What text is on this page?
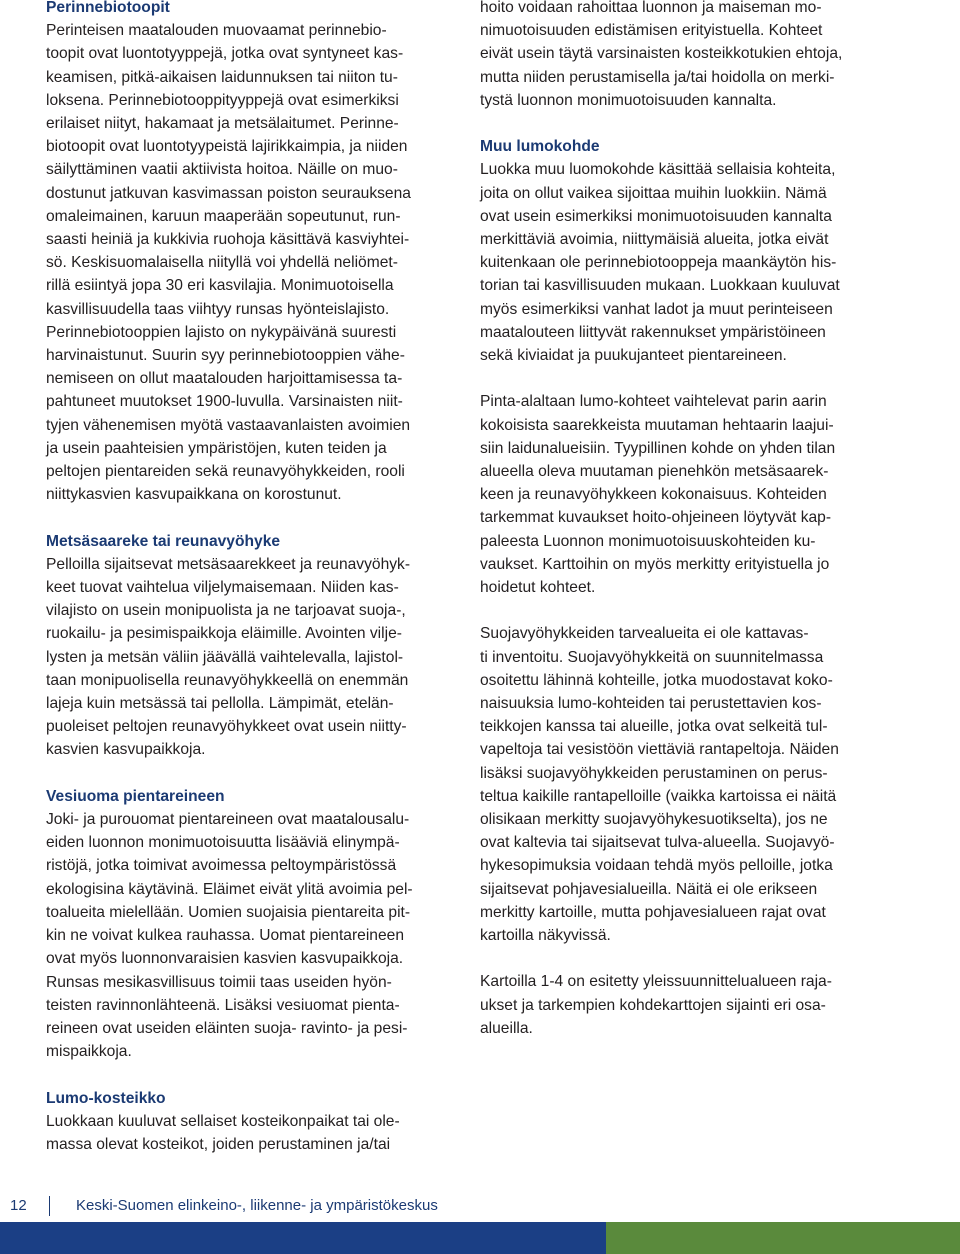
Perinnebiotoopit

Perinteisen maatalouden muovaamat perinnebio-

toopit ovat luontotyyppejä, jotka ovat syntyneet kas-

keamisen, pitkä-aikaisen laidunnuksen tai niiton tu-

loksena. Perinnebiotooppityyppejä ovat esimerkiksi

erilaiset niityt, hakamaat ja metsälaitumet. Perinne-

biotoopit ovat luontotyypeistä lajirikkaimpia, ja niiden

säilyttäminen vaatii aktiivista hoitoa. Näille on muo-

dostunut jatkuvan kasvimassan poiston seurauksena

omaleimainen, karuun maaperään sopeutunut, run-

saasti heiniä ja kukkivia ruohoja käsittävä kasviyhtei-

sö. Keskisuomalaisella niityllä voi yhdellä neliömet-

rillä esiintyä jopa 30 eri kasvilajia. Monimuotoisella

kasvillisuudella taas viihtyy runsas hyönteislajisto.

Perinnebiotooppien lajisto on nykypäivänä suuresti

harvinaistunut. Suurin syy perinnebiotooppien vähe-

nemiseen on ollut maatalouden harjoittamisessa ta-

pahtuneet muutokset 1900-luvulla. Varsinaisten niit-

tyjen vähenemisen myötä vastaavanlaisten avoimien

ja usein paahteisien ympäristöjen, kuten teiden ja

peltojen pientareiden sekä reunavyöhykkeiden, rooli

niittykasvien kasvupaikkana on korostunut.

Metsäsaareke tai reunavyöhyke

Pelloilla sijaitsevat metsäsaarekkeet ja reunavyöhyk-

keet tuovat vaihtelua viljelymaisemaan. Niiden kas-

vilajisto on usein monipuolista ja ne tarjoavat suoja-,

ruokailu- ja pesimispaikkoja eläimille. Avointen vilje-

lysten ja metsän väliin jäävällä vaihtelevalla, lajistol-

taan monipuolisella reunavyöhykkeellä on enemmän

lajeja kuin metsässä tai pellolla. Lämpimät, etelän-

puoleiset peltojen reunavyöhykkeet ovat usein niitty-

kasvien kasvupaikkoja.

Vesiuoma pientareineen

Joki- ja purouomat pientareineen ovat maatalousalu-

eiden luonnon monimuotoisuutta lisääviä elinympä-

ristöjä, jotka toimivat avoimessa peltoympäristössä

ekologisina käytävinä. Eläimet eivät ylitä avoimia pel-

toalueita mielellään. Uomien suojaisia pientareita pit-

kin ne voivat kulkea rauhassa. Uomat pientareineen

ovat myös luonnonvaraisien kasvien kasvupaikkoja.

Runsas mesikasvillisuus toimii taas useiden hyön-

teisten ravinnonlähteenä. Lisäksi vesiuomat pienta-

reineen ovat useiden eläinten suoja- ravinto- ja pesi-

mispaikkoja.

Lumo-kosteikko

Luokkaan kuuluvat sellaiset kosteikonpaikat tai ole-

massa olevat kosteikot, joiden perustaminen ja/tai

hoito voidaan rahoittaa luonnon ja maiseman mo-

nimuotoisuuden edistämisen erityistuella. Kohteet

eivät usein täytä varsinaisten kosteikkotukien ehtoja,

mutta niiden perustamisella ja/tai hoidolla on merki-

tystä luonnon monimuotoisuuden kannalta.

Muu lumokohde

Luokka muu luomokohde käsittää sellaisia kohteita,

joita on ollut vaikea sijoittaa muihin luokkiin. Nämä

ovat usein esimerkiksi monimuotoisuuden kannalta

merkittäviä avoimia, niittymäisiä alueita, jotka eivät

kuitenkaan ole perinnebiotooppeja maankäytön his-

torian tai kasvillisuuden mukaan. Luokkaan kuuluvat

myös esimerkiksi vanhat ladot ja muut perinteiseen

maatalouteen liittyvät rakennukset ympäristöineen

sekä kiviaidat ja puukujanteet pientareineen.

Pinta-alaltaan lumo-kohteet vaihtelevat parin aarin

kokoisista saarekkeista muutaman hehtaarin laajui-

siin laidunalueisiin. Tyypillinen kohde on yhden tilan

alueella oleva muutaman pienehkön metsäsaarek-

keen ja reunavyöhykkeen kokonaisuus. Kohteiden

tarkemmat kuvaukset hoito-ohjeineen löytyvät kap-

paleesta Luonnon monimuotoisuuskohteiden ku-

vaukset. Karttoihin on myös merkitty erityistuella jo

hoidetut kohteet.

Suojavyöhykkeiden tarvealueita ei ole kattavas-

ti inventoitu. Suojavyöhykkeitä on suunnitelmassa

osoitettu lähinnä kohteille, jotka muodostavat koko-

naisuuksia lumo-kohteiden tai perustettavien kos-

teikkojen kanssa tai alueille, jotka ovat selkeitä tul-

vapeltoja tai vesistöön viettäviä rantapeltoja. Näiden

lisäksi suojavyöhykkeiden perustaminen on perus-

teltua kaikille rantapelloille (vaikka kartoissa ei näitä

olisikaan merkitty suojavyöhykesuotikselta), jos ne

ovat kaltevia tai sijaitsevat tulva-alueella. Suojavyö-

hykesopimuksia voidaan tehdä myös pelloille, jotka

sijaitsevat pohjavesialueilla. Näitä ei ole erikseen

merkitty kartoille, mutta pohjavesialueen rajat ovat

kartoilla näkyvissä.

Kartoilla 1-4 on esitetty yleissuunnittelualueen raja-

ukset ja tarkempien kohdekarttojen sijainti eri osa-

alueilla.

12	Keski-Suomen elinkeino-, liikenne- ja ympäristökeskus
